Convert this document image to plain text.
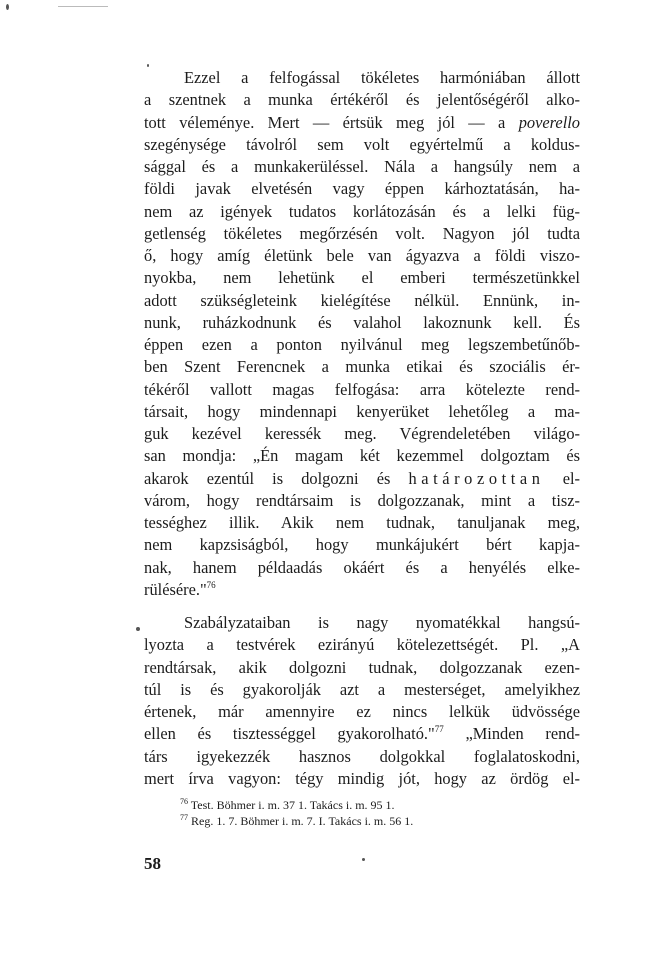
Ezzel a felfogással tökéletes harmóniában állott
a szentnek a munka értékéről és jelentőségéről alko-
tott véleménye. Mert — értsük meg jól — a poverello
szegénysége távolról sem volt egyértelmű a koldus-
sággal és a munkakerüléssel. Nála a hangsúly nem a
földi javak elvetésén vagy éppen kárhoztatásán, ha-
nem az igények tudatos korlátozásán és a lelki füg-
getlenség tökéletes megőrzésén volt. Nagyon jól tudta
ő, hogy amíg életünk bele van ágyazva a földi viszo-
nyokba, nem lehetünk el emberi természetünkkel
adott szükségleteink kielégítése nélkül. Ennünk, in-
nunk, ruházkodnunk és valahol lakoznunk kell. És
éppen ezen a ponton nyilvánul meg legszembetűnőb-
ben Szent Ferencnek a munka etikai és szociális ér-
tékéről vallott magas felfogása: arra kötelezte rend-
társait, hogy mindennapi kenyerüket lehetőleg a ma-
guk kezével keressék meg. Végrendeletében világo-
san mondja: „Én magam két kezemmel dolgoztam és
akarok ezentúl is dolgozni és határozottan el-
várom, hogy rendtársaim is dolgozzanak, mint a tisz-
tességhez illik. Akik nem tudnak, tanuljanak meg,
nem kapzsiságból, hogy munkájukért bért kapja-
nak, hanem példaadás okáért és a henyélés elke-
rülésére."$^{76}$
Szabályzataiban is nagy nyomatékkal hangsú-
lyozta a testvérek ezirányú kötelezettségét. Pl. „A
rendtársak, akik dolgozni tudnak, dolgozzanak ezen-
túl is és gyakorolják azt a mesterséget, amelyikhez
értenek, már amennyire ez nincs lelkük üdvössége
ellen és tisztességgel gyakorolható."$^{77}$ „Minden rend-
társ igyekezzék hasznos dolgokkal foglalatoskodni,
mert írva vagyon: tégy mindig jót, hogy az ördög el-
$^{76}$ Test. Böhmer i. m. 37 1. Takács i. m. 95 1.
$^{77}$ Reg. 1. 7. Böhmer i. m. 7. I. Takács i. m. 56 1.
58
